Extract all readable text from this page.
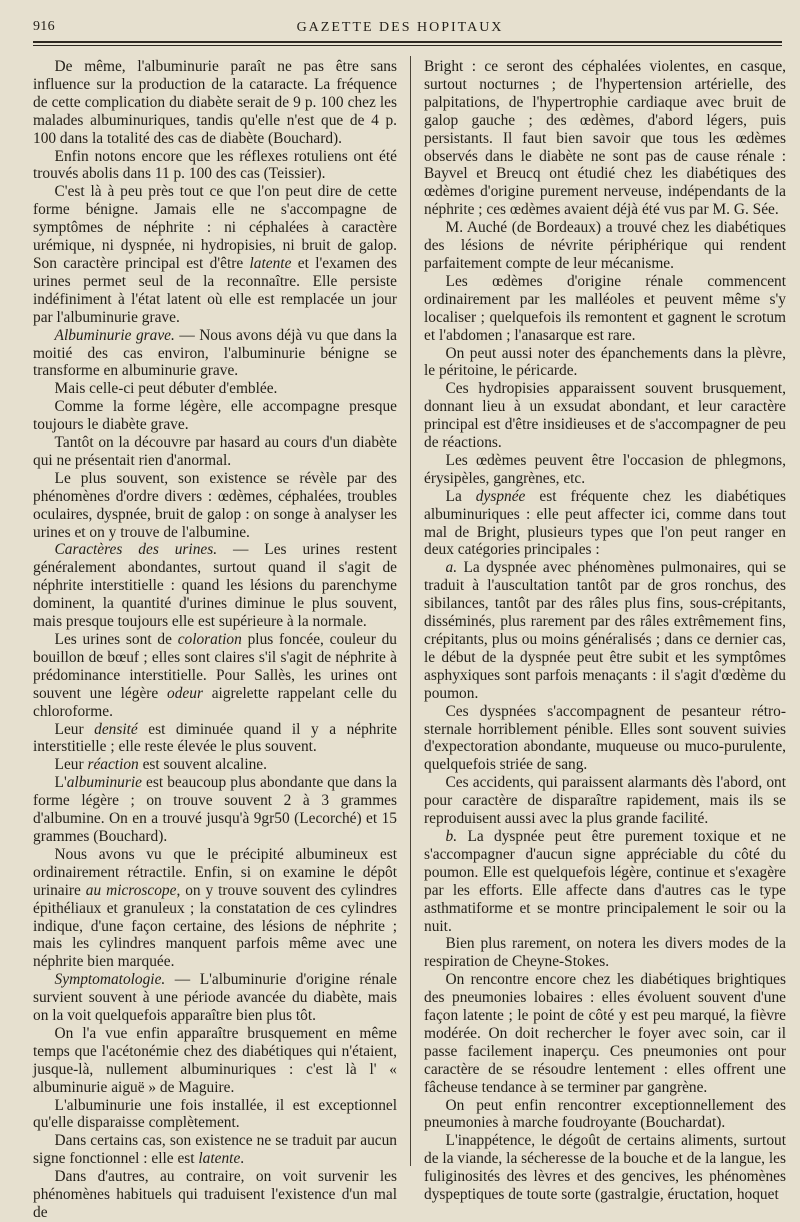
916	GAZETTE DES HOPITAUX

De même, l'albuminurie paraît ne pas être sans influence sur la production de la cataracte. La fréquence de cette complication du diabète serait de 9 p. 100 chez les malades albuminuriques, tandis qu'elle n'est que de 4 p. 100 dans la totalité des cas de diabète (Bouchard).

Enfin notons encore que les réflexes rotuliens ont été trouvés abolis dans 11 p. 100 des cas (Teissier).

C'est là à peu près tout ce que l'on peut dire de cette forme bénigne. Jamais elle ne s'accompagne de symptômes de néphrite : ni céphalées à caractère urémique, ni dyspnée, ni hydropisies, ni bruit de galop. Son caractère principal est d'être latente et l'examen des urines permet seul de la reconnaître. Elle persiste indéfiniment à l'état latent où elle est remplacée un jour par l'albuminurie grave.

Albuminurie grave. — Nous avons déjà vu que dans la moitié des cas environ, l'albuminurie bénigne se transforme en albuminurie grave.

Mais celle-ci peut débuter d'emblée.

Comme la forme légère, elle accompagne presque toujours le diabète grave.

Tantôt on la découvre par hasard au cours d'un diabète qui ne présentait rien d'anormal.

Le plus souvent, son existence se révèle par des phénomènes d'ordre divers : œdèmes, céphalées, troubles oculaires, dyspnée, bruit de galop : on songe à analyser les urines et on y trouve de l'albumine.

Caractères des urines. — Les urines restent généralement abondantes, surtout quand il s'agit de néphrite interstitielle : quand les lésions du parenchyme dominent, la quantité d'urines diminue le plus souvent, mais presque toujours elle est supérieure à la normale.

Les urines sont de coloration plus foncée, couleur du bouillon de bœuf ; elles sont claires s'il s'agit de néphrite à prédominance interstitielle. Pour Sallès, les urines ont souvent une légère odeur aigrelette rappelant celle du chloroforme.

Leur densité est diminuée quand il y a néphrite interstitielle ; elle reste élevée le plus souvent.

Leur réaction est souvent alcaline.

L'albuminurie est beaucoup plus abondante que dans la forme légère ; on trouve souvent 2 à 3 grammes d'albumine. On en a trouvé jusqu'à 9gr50 (Lecorché) et 15 grammes (Bouchard).

Nous avons vu que le précipité albumineux est ordinairement rétractile. Enfin, si on examine le dépôt urinaire au microscope, on y trouve souvent des cylindres épithéliaux et granuleux ; la constatation de ces cylindres indique, d'une façon certaine, des lésions de néphrite ; mais les cylindres manquent parfois même avec une néphrite bien marquée.

Symptomatologie. — L'albuminurie d'origine rénale survient souvent à une période avancée du diabète, mais on la voit quelquefois apparaître bien plus tôt.

On l'a vue enfin apparaître brusquement en même temps que l'acétonémie chez des diabétiques qui n'étaient, jusque-là, nullement albuminuriques : c'est là l' « albuminurie aiguë » de Maguire.

L'albuminurie une fois installée, il est exceptionnel qu'elle disparaisse complètement.

Dans certains cas, son existence ne se traduit par aucun signe fonctionnel : elle est latente.

Dans d'autres, au contraire, on voit survenir les phénomènes habituels qui traduisent l'existence d'un mal de

Bright : ce seront des céphalées violentes, en casque, surtout nocturnes ; de l'hypertension artérielle, des palpitations, de l'hypertrophie cardiaque avec bruit de galop gauche ; des œdèmes, d'abord légers, puis persistants. Il faut bien savoir que tous les œdèmes observés dans le diabète ne sont pas de cause rénale : Bayvel et Breucq ont étudié chez les diabétiques des œdèmes d'origine purement nerveuse, indépendants de la néphrite ; ces œdèmes avaient déjà été vus par M. G. Sée.

M. Auché (de Bordeaux) a trouvé chez les diabétiques des lésions de névrite périphérique qui rendent parfaitement compte de leur mécanisme.

Les œdèmes d'origine rénale commencent ordinairement par les malléoles et peuvent même s'y localiser ; quelquefois ils remontent et gagnent le scrotum et l'abdomen ; l'anasarque est rare.

On peut aussi noter des épanchements dans la plèvre, le péritoine, le péricarde.

Ces hydropisies apparaissent souvent brusquement, donnant lieu à un exsudat abondant, et leur caractère principal est d'être insidieuses et de s'accompagner de peu de réactions.

Les œdèmes peuvent être l'occasion de phlegmons, érysipèles, gangrènes, etc.

La dyspnée est fréquente chez les diabétiques albuminuriques : elle peut affecter ici, comme dans tout mal de Bright, plusieurs types que l'on peut ranger en deux catégories principales :

a. La dyspnée avec phénomènes pulmonaires, qui se traduit à l'auscultation tantôt par de gros ronchus, des sibilances, tantôt par des râles plus fins, sous-crépitants, disséminés, plus rarement par des râles extrêmement fins, crépitants, plus ou moins généralisés ; dans ce dernier cas, le début de la dyspnée peut être subit et les symptômes asphyxiques sont parfois menaçants : il s'agit d'œdème du poumon.

Ces dyspnées s'accompagnent de pesanteur rétro-sternale horriblement pénible. Elles sont souvent suivies d'expectoration abondante, muqueuse ou muco-purulente, quelquefois striée de sang.

Ces accidents, qui paraissent alarmants dès l'abord, ont pour caractère de disparaître rapidement, mais ils se reproduisent aussi avec la plus grande facilité.

b. La dyspnée peut être purement toxique et ne s'accompagner d'aucun signe appréciable du côté du poumon. Elle est quelquefois légère, continue et s'exagère par les efforts. Elle affecte dans d'autres cas le type asthmatiforme et se montre principalement le soir ou la nuit.

Bien plus rarement, on notera les divers modes de la respiration de Cheyne-Stokes.

On rencontre encore chez les diabétiques brightiques des pneumonies lobaires : elles évoluent souvent d'une façon latente ; le point de côté y est peu marqué, la fièvre modérée. On doit rechercher le foyer avec soin, car il passe facilement inaperçu. Ces pneumonies ont pour caractère de se résoudre lentement : elles offrent une fâcheuse tendance à se terminer par gangrène.

On peut enfin rencontrer exceptionnellement des pneumonies à marche foudroyante (Bouchardat).

L'inappétence, le dégoût de certains aliments, surtout de la viande, la sécheresse de la bouche et de la langue, les fuliginosités des lèvres et des gencives, les phénomènes dyspeptiques de toute sorte (gastralgie, éructation, hoquet
